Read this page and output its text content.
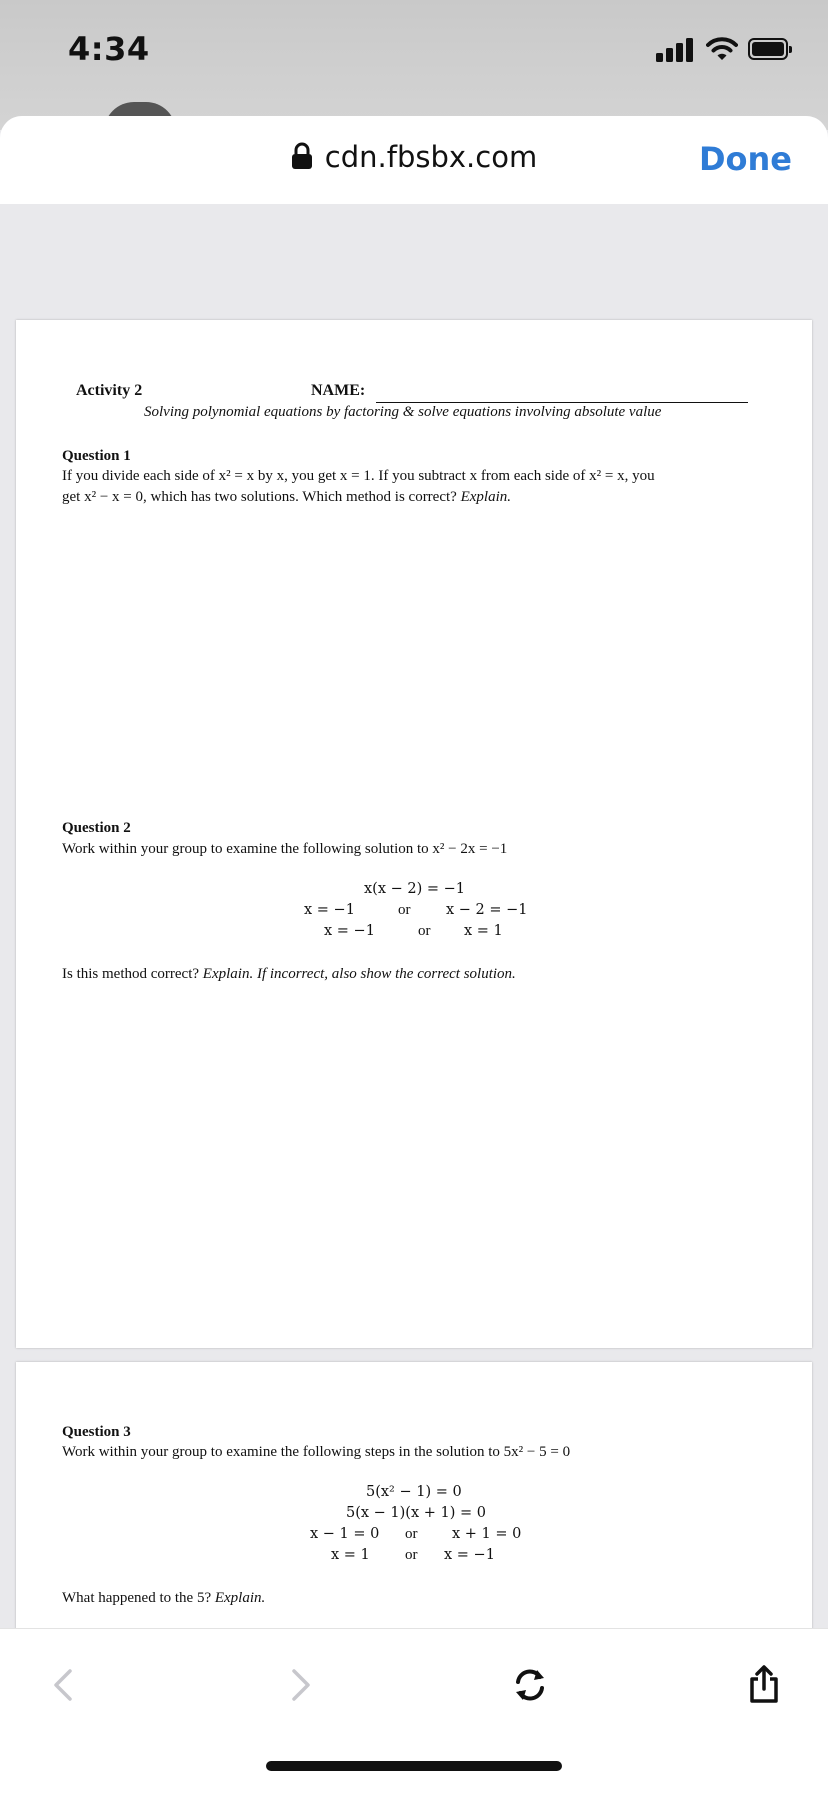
4:34
cdn.fbsbx.com	Done
Activity 2	NAME:
Solving polynomial equations by factoring & solve equations involving absolute value
Question 1
If you divide each side of x² = x by x, you get x = 1. If you subtract x from each side of x² = x, you
get x² − x = 0, which has two solutions. Which method is correct? Explain.
Question 2
Work within your group to examine the following solution to x² − 2x = −1
x(x − 2) = −1
x = −1	or x − 2 = −1
x = −1	or x = 1
Is this method correct? Explain. If incorrect, also show the correct solution.
Question 3
Work within your group to examine the following steps in the solution to 5x² − 5 = 0
5(x² − 1) = 0
5(x − 1)(x + 1) = 0
x − 1 = 0 or x + 1 = 0
x = 1 or x = −1
What happened to the 5? Explain.
